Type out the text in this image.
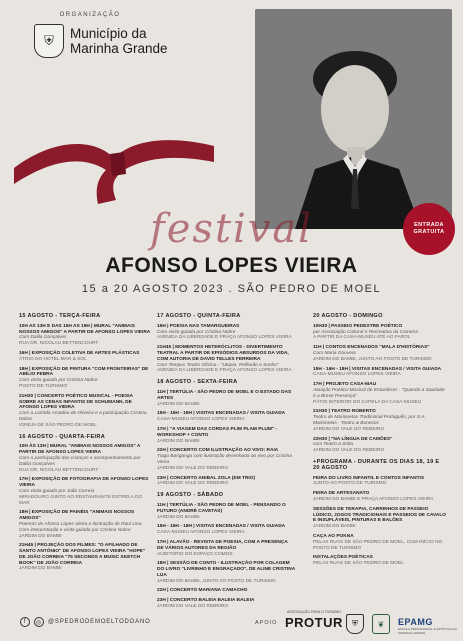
ORGANIZAÇÃO
⛨	Município da
Marinha Grande
ENTRADA
GRATUITA
festival
AFONSO LOPES VIEIRA
15 a 20 AGOSTO 2023 . SÃO PEDRO DE MOEL
15 AGOSTO - TERÇA-FEIRA
10H AS 13H E DAS 15H AS 19H | MURAL "ANIMAIS NOSSOS AMIGOS" A PARTIR DE AFONSO LOPES VIEIRA
Com Dalila Gonçalves
RUA DR. NICOLAU BETTENCOURT
16H | EXPOSIÇÃO COLETIVA DE ARTES PLÁSTICAS
ÁTRIO DO HOTEL MAR & SOL
18H | EXPOSIÇÃO DE PINTURA "COM FRONTEIRAS" DE ABÍLIO FEBRA
Com visita guiada por Cristina Nobre
POSTO DE TURISMO
21H30 | CONCERTO POÉTICO MUSICAL - POESIA SOBRE AS CENAS INFANTIS DE SCHUMANN, DE AFONSO LOPES VIEIRA
Com a Lorinda Amadeu de Oliveira e a participação Cristina Nobre
IGREJA DE SÃO PEDRO DE MOEL
16 AGOSTO - QUARTA-FEIRA
10H ÀS 13H | MURAL "ANIMAIS NOSSOS AMIGOS" A PARTIR DE AFONSO LOPES VIEIRA
Com a participação das crianças e acompanhamento por Dalila Gonçalves
RUA DR. NICOLAU BETTENCOURT
17H | EXPOSIÇÃO DE FOTOGRAFIA DE AFONSO LOPES VIEIRA
Com visita guiada por João Correia
MIRADOURO JUNTO AO RESTAURANTE ESTRELA DO MAR
18H | EXPOSIÇÃO DE PAINÉIS "ANIMAIS NOSSOS AMIGOS"
Poemas de Afonso Lopes Vieira e ilustração de Raul Lino. Com interpretação e visita guiada por Cristina Nobre
JARDIM DO BAMBI
21H45 | PROJEÇÃO DOS FILMES: "O AFILHADO DE SANTO ANTÓNIO" DE AFONSO LOPES VIEIRA "HOPE" DE JOÃO CORREIA "75 SECONDS A MUSIC SKETCH BOOK" DE JOÃO CORREIA
JARDIM DO BAMBI
17 AGOSTO - QUINTA-FEIRA
16H | POESIA NAS TAMARGUEIRAS
Com visita guiada por Cristina Nobre
AVENIDA DA LIBERDADE E PRAÇA AFONSO LOPES VIEIRA
21H45 | MOMENTOS HETERÓCLITOS - DIVERTIMENTO TEATRAL A PARTIR DE EPISÓDIOS ABSURDOS DA VIDA, COM AUTORIA DE DAVID TELLES FERREIRA
Com Tempus Teatro Oficina - "Utopia, Reflexão e Sonho"
AVENIDA DA LIBERDADE E PRAÇA AFONSO LOPES VIEIRA
18 AGOSTO - SEXTA-FEIRA
11H | TERTÚLIA - SÃO PEDRO DE MOEL E O ESTADO DAS ARTES
JARDIM DO BAMBI
15H - 16H - 18H | VISITAS ENCENADAS / VISITA GUIADA
CASA-MUSEU AFONSO LOPES VIEIRA
17H | "A VIAGEM DAS CORDAS PLIM PLAM PLUM" - WORKSHOP + CONTO
JARDIM DO BAMBI
22H | CONCERTO COM ILUSTRAÇÃO AO VIVO: RAIA
Tiago Bariganga com ilustração desenhada ao vivo por Cristina Vieira
JARDIM DO VALE DO REBEIRO
23H | CONCERTO ANIBAL ZOLA (EM TRIO)
JARDIM DO VALE DO REBEIRO
19 AGOSTO - SÁBADO
11H | TERTÚLIA - SÃO PEDRO DE MOEL - PENSANDO O FUTURO (ANDRÉ CAVETAS)
JARDIM DO BAMBI
15H - 16H - 18H | VISITAS ENCENADAS / VISITA GUIADA
CASA-MUSEU AFONSO LOPES VIEIRA
17H | ALAVÃO - REVISTA DE POESIA, COM A PRESENÇA DE VÁRIOS AUTORES DA REGIÃO
AUDITÓRIO DO ESPAÇO COMOS
18H | SESSÃO DE CONTO - ILUSTRAÇÃO POR COLAGEM DO LIVRO "LIVRINHO E ENGRAÇADO", DE ALINE CRISTINA LUA
JARDIM DO BAMBI, JUNTO AO POSTO DE TURISMO
22H | CONCERTO MARIANA CAMACHO
23H | CONCERTO BALEIA BALEIA BALEIA
JARDIM DO VALE DO REBEIRO
20 AGOSTO - DOMINGO
10H30 | PASSEIO PEDESTRE POÉTICO
por Associação Cultural e Recreativa da Comeira
A PARTIR DA CASA-MUSEU ATÉ AO FAROL
11H | CONTOS ENCENADOS "MALA D'HISTÓRIAS"
Com Maria Gouveia
JARDIM DO BAMBI, JUNTO AO POSTO DE TURISMO
15H - 16H - 18H | VISITAS ENCENADAS / VISITA GUIADA
CASA-MUSEU AFONSO LOPES VIEIRA
17H | PROJETO CASA-MAU
Atuação Poético-Musical de Entardecer - "Quando a Saudade é a Breve Presença"
PÁTIO INTERIOR DO CAPELA DA CASA-MUSEU
21H30 | TEATRO ROBERTO
Teatro de Marionetas Tradicional Português, por S.A. Marionetas - Teatro & Bonecos
JARDIM DO VALE DO REBEIRO
22H30 | "NA LÍNGUA DE CAMÕES"
com Teatro a Solta
JARDIM DO VALE DO REBEIRO
+PROGRAMA - DURANTE OS DIAS 18, 19 E 20 AGOSTO
FEIRA DO LIVRO INFANTIL E CONTOS INFANTIS
JUNTO AO POSTO DE TURISMO
FEIRA DE ARTESANATO
JARDIM DO BAMBI E PRAÇA AFONSO LOPES VIEIRA
SESSÕES DE TERAPIA, CARRINHOS DE PASSEIO LÚDICO, JOGOS TRADICIONAIS E PASSEIOS DE CAVALO E INSUFLÁVEIS, PINTURAS E BALÕES
JARDIM DO BAMBI
CAÇA AO POKNA
PELAS RUAS DE SÃO PEDRO DE MOEL, COM INÍCIO NO POSTO DE TURISMO
INSTALAÇÕES POÉTICAS
PELAS RUAS DE SÃO PEDRO DE MOEL
f	◎ @SPEDRODEMOELTODOANO	APOIO
ASSOCIAÇÃO PARA O TURISMO
PROTUR	⛨	❦	EPAMG
ESCOLA PROFISSIONAL E ARTÍSTICA DA MARINHA GRANDE
